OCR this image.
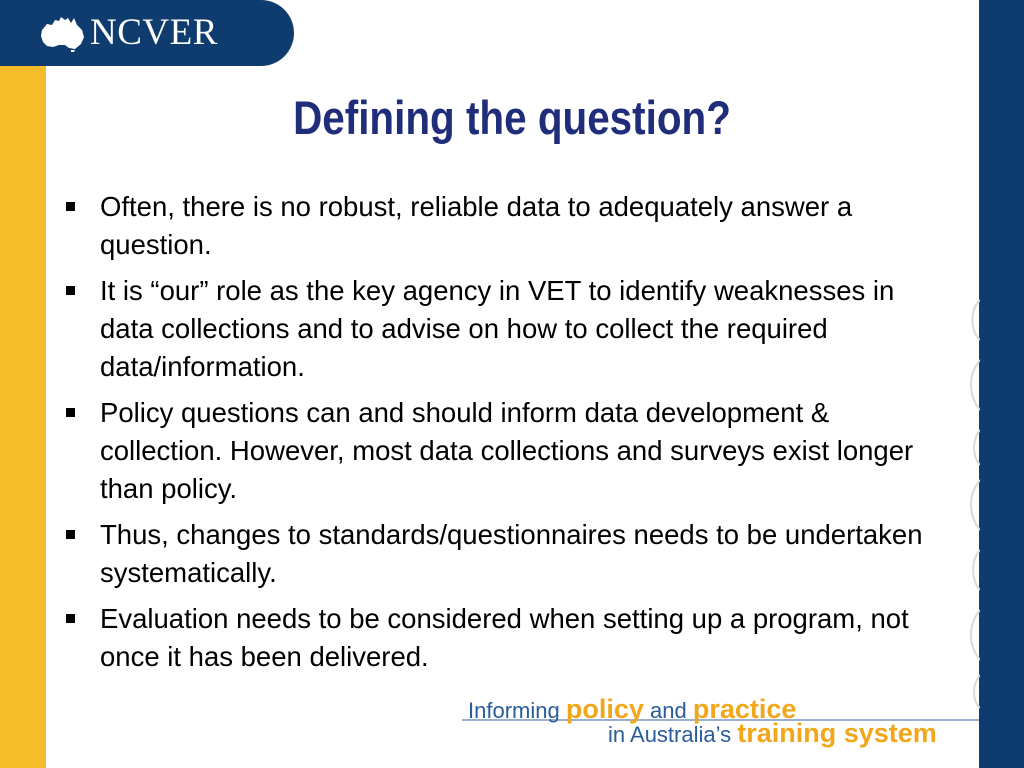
NCVER
Defining the question?
Often, there is no robust, reliable data to adequately answer a question.
It is “our” role as the key agency in VET to identify weaknesses in data collections and to advise on how to collect the required data/information.
Policy questions can and should inform data development & collection. However, most data collections and surveys exist longer than policy.
Thus, changes to standards/questionnaires needs to be undertaken systematically.
Evaluation needs to be considered when setting up a program, not once it has been delivered.
Informing policy and practice
in Australia’s training system
